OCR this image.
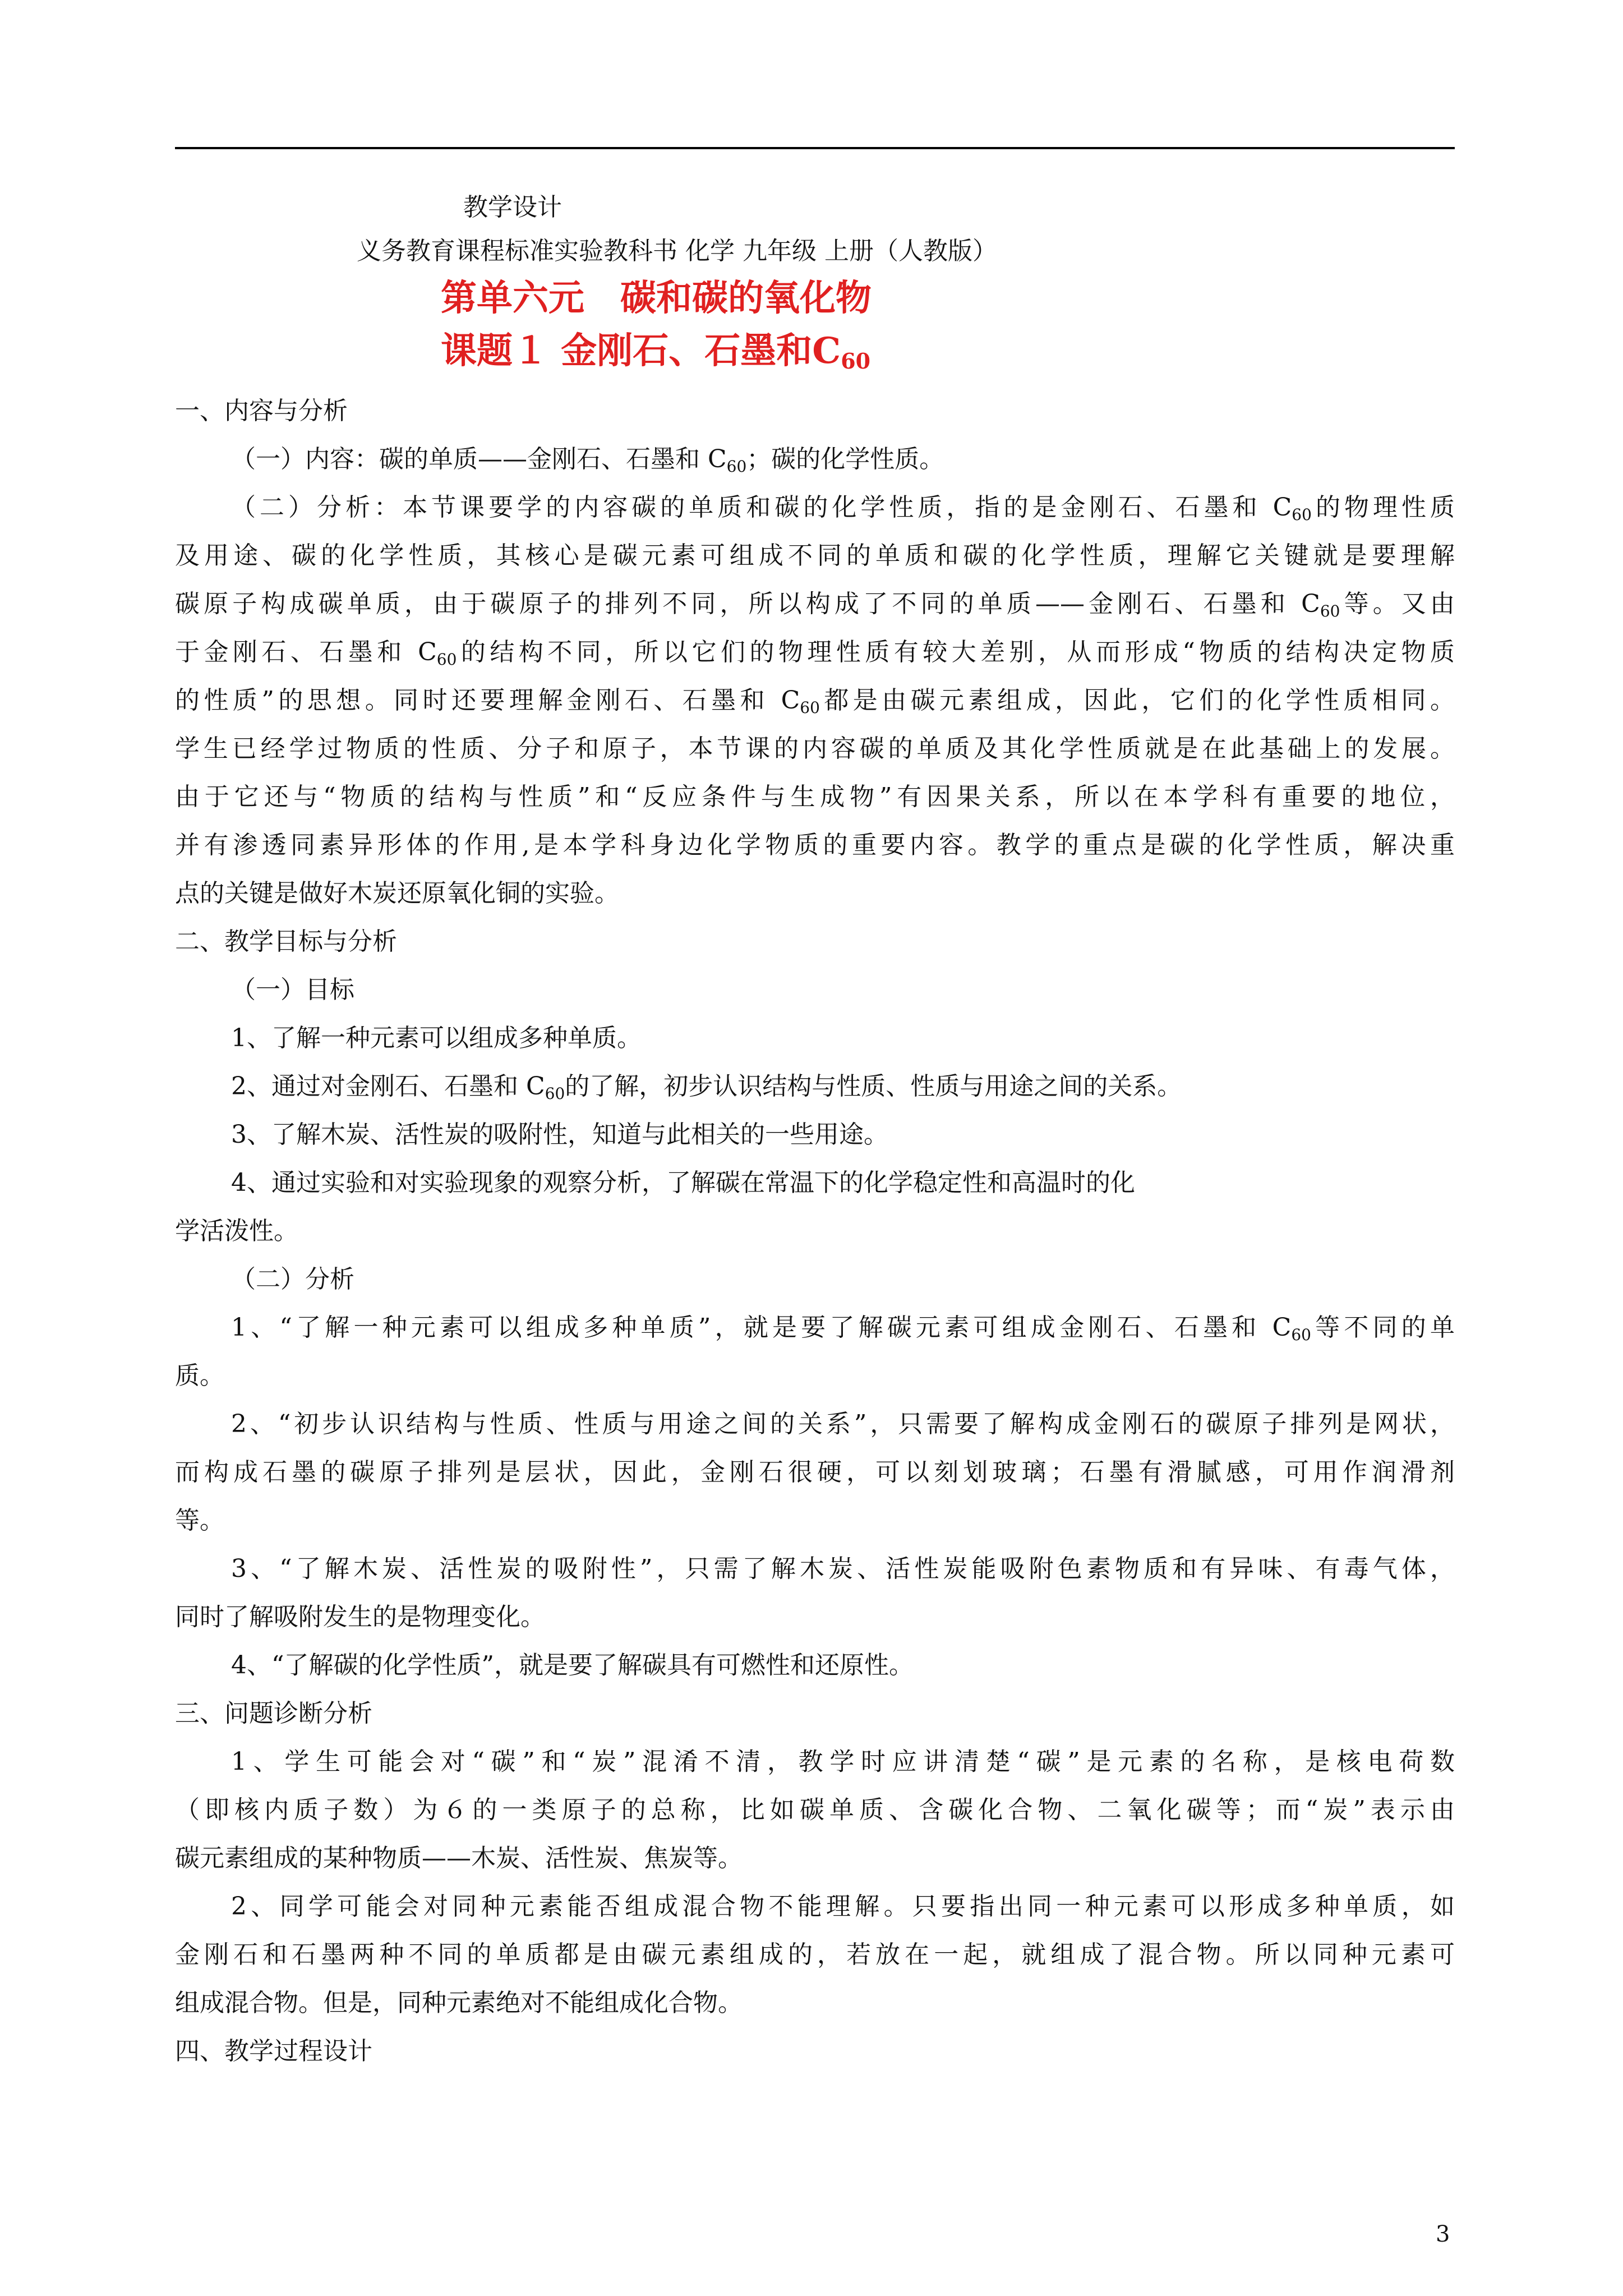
教学设计
义务教育课程标准实验教科书 化学 九年级 上册（人教版）
第单六元　碳和碳的氧化物
课题１ 金刚石、石墨和$C_{60}$

一、内容与分析

（一）内容：碳的单质——金刚石、石墨和 $C_{60}$；碳的化学性质。

（二）分析：本节课要学的内容碳的单质和碳的化学性质，指的是金刚石、石墨和 $C_{60}$的物理性质

及用途、碳的化学性质，其核心是碳元素可组成不同的单质和碳的化学性质，理解它关键就是要理解

碳原子构成碳单质，由于碳原子的排列不同，所以构成了不同的单质——金刚石、石墨和 $C_{60}$等。又由

于金刚石、石墨和 $C_{60}$的结构不同，所以它们的物理性质有较大差别，从而形成“物质的结构决定物质

的性质”的思想。同时还要理解金刚石、石墨和 $C_{60}$都是由碳元素组成，因此，它们的化学性质相同。

学生已经学过物质的性质、分子和原子，本节课的内容碳的单质及其化学性质就是在此基础上的发展。

由于它还与“物质的结构与性质”和“反应条件与生成物”有因果关系，所以在本学科有重要的地位，

并有渗透同素异形体的作用,是本学科身边化学物质的重要内容。教学的重点是碳的化学性质，解决重

点的关键是做好木炭还原氧化铜的实验。

二、教学目标与分析

（一）目标

1、了解一种元素可以组成多种单质。

2、通过对金刚石、石墨和 $C_{60}$的了解，初步认识结构与性质、性质与用途之间的关系。

3、了解木炭、活性炭的吸附性，知道与此相关的一些用途。

4、通过实验和对实验现象的观察分析，了解碳在常温下的化学稳定性和高温时的化

学活泼性。

（二）分析

1、“了解一种元素可以组成多种单质”，就是要了解碳元素可组成金刚石、石墨和 $C_{60}$等不同的单

质。

2、“初步认识结构与性质、性质与用途之间的关系”，只需要了解构成金刚石的碳原子排列是网状，

而构成石墨的碳原子排列是层状，因此，金刚石很硬，可以刻划玻璃；石墨有滑腻感，可用作润滑剂

等。

3、“了解木炭、活性炭的吸附性”，只需了解木炭、活性炭能吸附色素物质和有异味、有毒气体，

同时了解吸附发生的是物理变化。

4、“了解碳的化学性质”，就是要了解碳具有可燃性和还原性。

三、问题诊断分析

1、学生可能会对“碳”和“炭”混淆不清，教学时应讲清楚“碳”是元素的名称，是核电荷数

（即核内质子数）为６的一类原子的总称，比如碳单质、含碳化合物、二氧化碳等；而“炭”表示由

碳元素组成的某种物质——木炭、活性炭、焦炭等。

2、同学可能会对同种元素能否组成混合物不能理解。只要指出同一种元素可以形成多种单质，如

金刚石和石墨两种不同的单质都是由碳元素组成的，若放在一起，就组成了混合物。所以同种元素可

组成混合物。但是，同种元素绝对不能组成化合物。

四、教学过程设计

3
